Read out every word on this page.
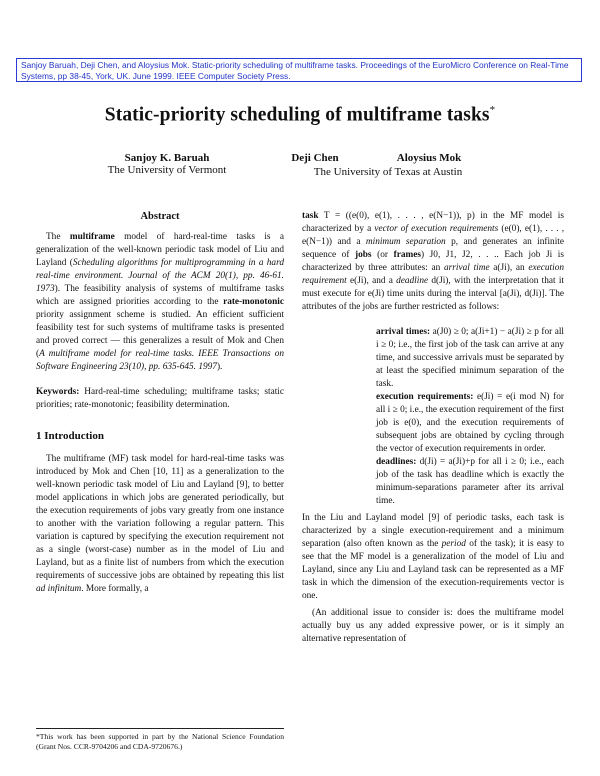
Sanjoy Baruah, Deji Chen, and Aloysius Mok. Static-priority scheduling of multiframe tasks. Proceedings of the EuroMicro Conference on Real-Time Systems, pp 38-45, York, UK. June 1999. IEEE Computer Society Press.
Static-priority scheduling of multiframe tasks*
Sanjoy K. Baruah
The University of Vermont
Deji Chen	Aloysius Mok
The University of Texas at Austin
Abstract

The multiframe model of hard-real-time tasks is a generalization of the well-known periodic task model of Liu and Layland (Scheduling algorithms for multiprogramming in a hard real-time environment. Journal of the ACM 20(1), pp. 46-61. 1973). The feasibility analysis of systems of multiframe tasks which are assigned priorities according to the rate-monotonic priority assignment scheme is studied. An efficient sufficient feasibility test for such systems of multiframe tasks is presented and proved correct — this generalizes a result of Mok and Chen (A multiframe model for real-time tasks. IEEE Transactions on Software Engineering 23(10), pp. 635-645. 1997).

Keywords: Hard-real-time scheduling; multiframe tasks; static priorities; rate-monotonic; feasibility determination.

1 Introduction

The multiframe (MF) task model for hard-real-time tasks was introduced by Mok and Chen [10, 11] as a generalization to the well-known periodic task model of Liu and Layland [9], to better model applications in which jobs are generated periodically, but the execution requirements of jobs vary greatly from one instance to another with the variation following a regular pattern. This variation is captured by specifying the execution requirement not as a single (worst-case) number as in the model of Liu and Layland, but as a finite list of numbers from which the execution requirements of successive jobs are obtained by repeating this list ad infinitum. More formally, a

*This work has been supported in part by the National Science Foundation (Grant Nos. CCR-9704206 and CDA-9720676.)

task T = ((e(0), e(1), . . . , e(N−1)), p) in the MF model is characterized by a vector of execution requirements (e(0), e(1), . . . , e(N−1)) and a minimum separation p, and generates an infinite sequence of jobs (or frames) J0, J1, J2, . . .. Each job Ji is characterized by three attributes: an arrival time a(Ji), an execution requirement e(Ji), and a deadline d(Ji), with the interpretation that it must execute for e(Ji) time units during the interval [a(Ji), d(Ji)]. The attributes of the jobs are further restricted as follows:

arrival times: a(J0) ≥ 0; a(Ji+1) − a(Ji) ≥ p for all i ≥ 0; i.e., the first job of the task can arrive at any time, and successive arrivals must be separated by at least the specified minimum separation of the task.

execution requirements: e(Ji) = e(i mod N) for all i ≥ 0; i.e., the execution requirement of the first job is e(0), and the execution requirements of subsequent jobs are obtained by cycling through the vector of execution requirements in order.

deadlines: d(Ji) = a(Ji)+p for all i ≥ 0; i.e., each job of the task has deadline which is exactly the minimum-separations parameter after its arrival time.

In the Liu and Layland model [9] of periodic tasks, each task is characterized by a single execution-requirement and a minimum separation (also often known as the period of the task); it is easy to see that the MF model is a generalization of the model of Liu and Layland, since any Liu and Layland task can be represented as a MF task in which the dimension of the execution-requirements vector is one.

(An additional issue to consider is: does the multiframe model actually buy us any added expressive power, or is it simply an alternative representation of
